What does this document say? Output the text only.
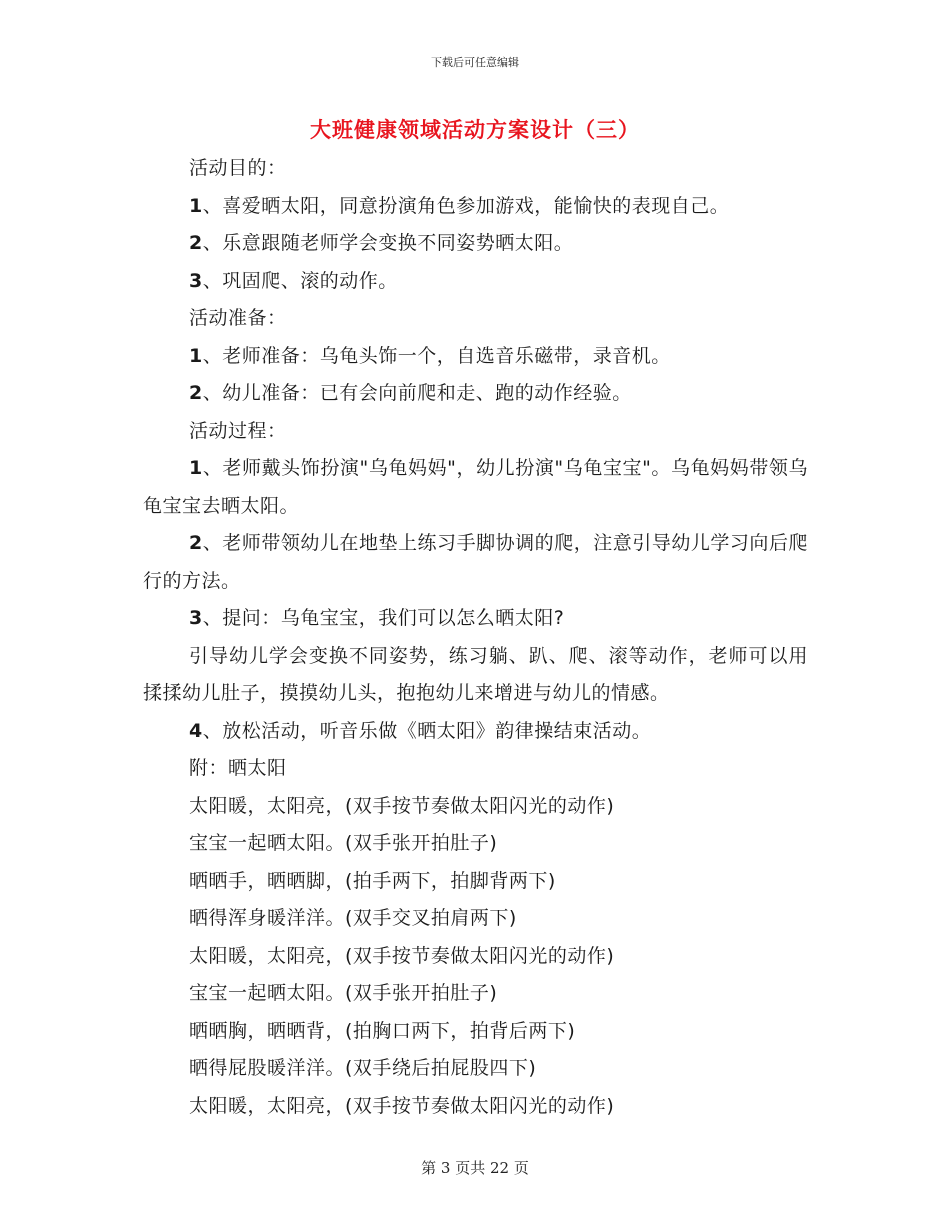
下载后可任意编辑
大班健康领域活动方案设计（三）
活动目的：
1、喜爱晒太阳，同意扮演角色参加游戏，能愉快的表现自己。
2、乐意跟随老师学会变换不同姿势晒太阳。
3、巩固爬、滚的动作。
活动准备：
1、老师准备：乌龟头饰一个，自选音乐磁带，录音机。
2、幼儿准备：已有会向前爬和走、跑的动作经验。
活动过程：
1、老师戴头饰扮演"乌龟妈妈"，幼儿扮演"乌龟宝宝"。乌龟妈妈带领乌龟宝宝去晒太阳。
2、老师带领幼儿在地垫上练习手脚协调的爬，注意引导幼儿学习向后爬行的方法。
3、提问：乌龟宝宝，我们可以怎么晒太阳?
引导幼儿学会变换不同姿势，练习躺、趴、爬、滚等动作，老师可以用揉揉幼儿肚子，摸摸幼儿头，抱抱幼儿来增进与幼儿的情感。
4、放松活动，听音乐做《晒太阳》韵律操结束活动。
附：晒太阳
太阳暖，太阳亮，(双手按节奏做太阳闪光的动作)
宝宝一起晒太阳。(双手张开拍肚子)
晒晒手，晒晒脚，(拍手两下，拍脚背两下)
晒得浑身暖洋洋。(双手交叉拍肩两下)
太阳暖，太阳亮，(双手按节奏做太阳闪光的动作)
宝宝一起晒太阳。(双手张开拍肚子)
晒晒胸，晒晒背，(拍胸口两下，拍背后两下)
晒得屁股暖洋洋。(双手绕后拍屁股四下)
太阳暖，太阳亮，(双手按节奏做太阳闪光的动作)
第 3 页共 22 页
